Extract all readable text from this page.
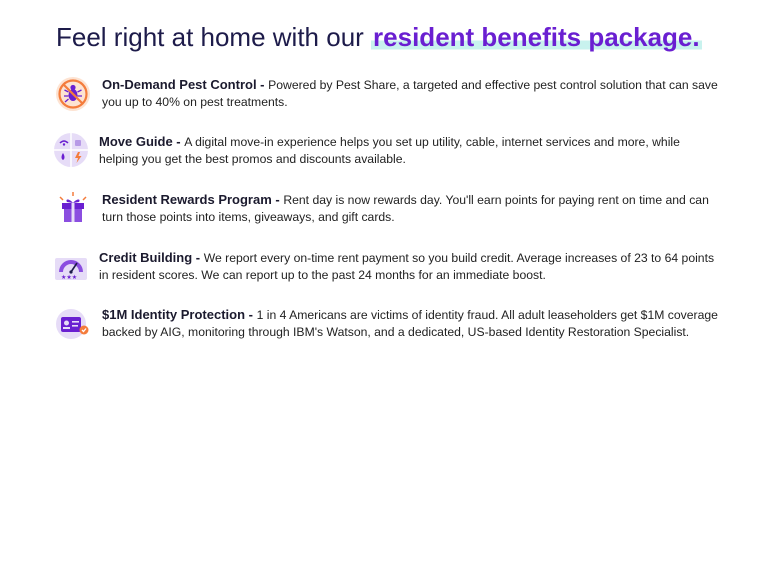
Feel right at home with our resident benefits package.
On-Demand Pest Control - Powered by Pest Share, a targeted and effective pest control solution that can save you up to 40% on pest treatments.
Move Guide - A digital move-in experience helps you set up utility, cable, internet services and more, while helping you get the best promos and discounts available.
Resident Rewards Program - Rent day is now rewards day. You'll earn points for paying rent on time and can turn those points into items, giveaways, and gift cards.
★★★
Credit Building - We report every on-time rent payment so you build credit. Average increases of 23 to 64 points in resident scores. We can report up to the past 24 months for an immediate boost.
$1M Identity Protection - 1 in 4 Americans are victims of identity fraud. All adult leaseholders get $1M coverage backed by AIG, monitoring through IBM's Watson, and a dedicated, US-based Identity Restoration Specialist.
